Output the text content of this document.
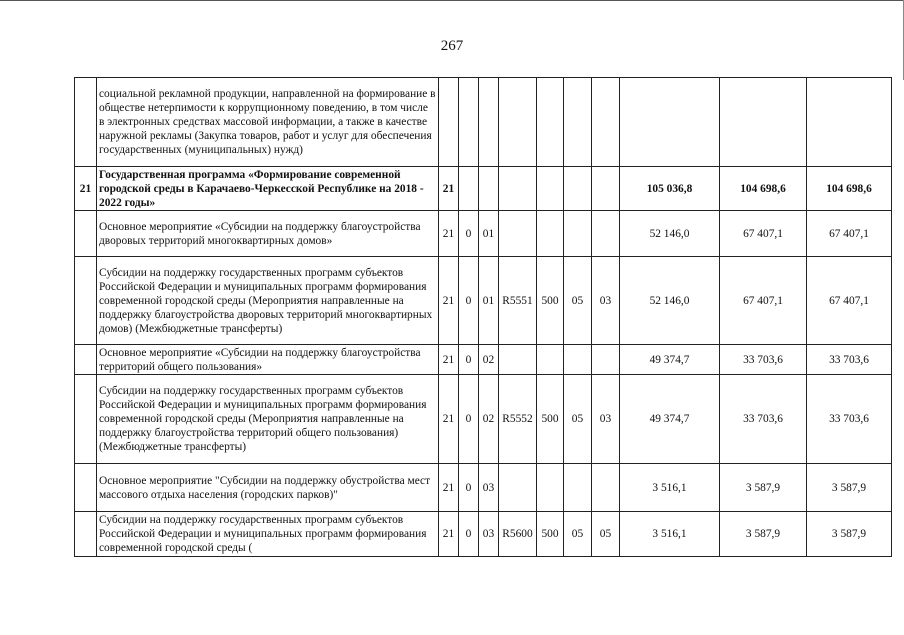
267
	социальной рекламной продукции, направленной на формирование в обществе нетерпимости к коррупционному поведению, в том числе в электронных средствах массовой информации, а также в качестве наружной рекламы (Закупка товаров, работ и услуг для обеспечения государственных (муниципальных) нужд)										
21	Государственная программа «Формирование современной городской среды в Карачаево-Черкесской Республике на 2018 - 2022 годы»	21							105 036,8	104 698,6	104 698,6
	Основное мероприятие «Субсидии на поддержку благоустройства дворовых территорий многоквартирных домов»	21	0	01					52 146,0	67 407,1	67 407,1
	Субсидии на поддержку государственных программ субъектов Российской Федерации и муниципальных программ формирования современной городской среды (Мероприятия направленные на поддержку благоустройства дворовых территорий многоквартирных домов) (Межбюджетные трансферты)	21	0	01	R5551	500	05	03	52 146,0	67 407,1	67 407,1
	Основное мероприятие «Субсидии на поддержку благоустройства территорий общего пользования»	21	0	02					49 374,7	33 703,6	33 703,6
	Субсидии на поддержку государственных программ субъектов Российской Федерации и муниципальных программ формирования современной городской среды (Мероприятия направленные на поддержку благоустройства территорий общего пользования) (Межбюджетные трансферты)	21	0	02	R5552	500	05	03	49 374,7	33 703,6	33 703,6
	Основное мероприятие "Субсидии на поддержку обустройства мест массового отдыха населения (городских парков)"	21	0	03					3 516,1	3 587,9	3 587,9
	Субсидии на поддержку государственных программ субъектов Российской Федерации и муниципальных программ формирования современной городской среды (	21	0	03	R5600	500	05	05	3 516,1	3 587,9	3 587,9
